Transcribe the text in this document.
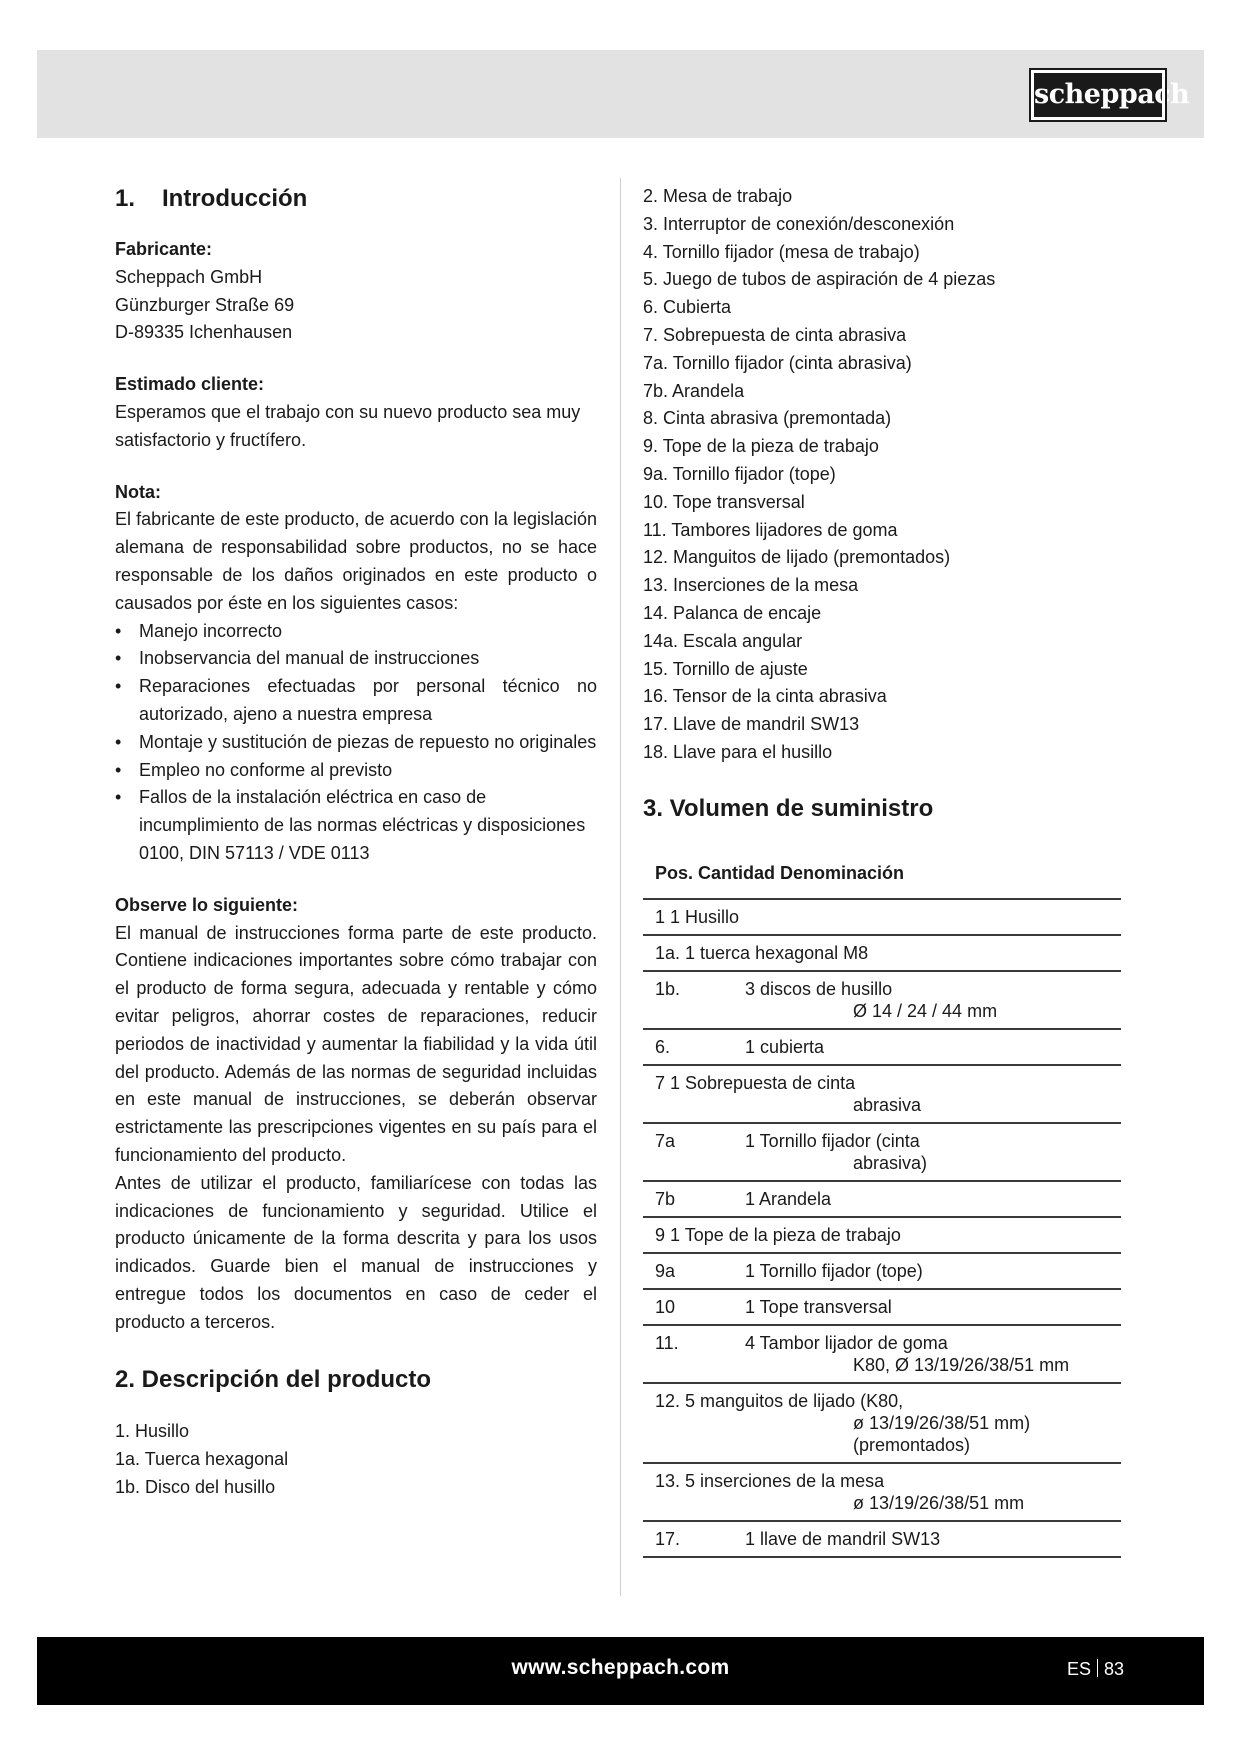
scheppach
1. Introducción

Fabricante:

Scheppach GmbH

Günzburger Straße 69

D-89335 Ichenhausen

Estimado cliente:

Esperamos que el trabajo con su nuevo producto sea muy satisfactorio y fructífero.

Nota:

El fabricante de este producto, de acuerdo con la legislación alemana de responsabilidad sobre productos, no se hace responsable de los daños originados en este producto o causados por éste en los siguientes casos:

• Manejo incorrecto
• Inobservancia del manual de instrucciones
• Reparaciones efectuadas por personal técnico no autorizado, ajeno a nuestra empresa
• Montaje y sustitución de piezas de repuesto no originales
• Empleo no conforme al previsto
• Fallos de la instalación eléctrica en caso de incumplimiento de las normas eléctricas y disposiciones 0100, DIN 57113 / VDE 0113

Observe lo siguiente:

El manual de instrucciones forma parte de este producto. Contiene indicaciones importantes sobre cómo trabajar con el producto de forma segura, adecuada y rentable y cómo evitar peligros, ahorrar costes de reparaciones, reducir periodos de inactividad y aumentar la fiabilidad y la vida útil del producto. Además de las normas de seguridad incluidas en este manual de instrucciones, se deberán observar estrictamente las prescripciones vigentes en su país para el funcionamiento del producto.

Antes de utilizar el producto, familiarícese con todas las indicaciones de funcionamiento y seguridad. Utilice el producto únicamente de la forma descrita y para los usos indicados. Guarde bien el manual de instrucciones y entregue todos los documentos en caso de ceder el producto a terceros.

2. Descripción del producto
1. Husillo
1a. Tuerca hexagonal
1b. Disco del husillo
2. Mesa de trabajo
3. Interruptor de conexión/desconexión
4. Tornillo fijador (mesa de trabajo)
5. Juego de tubos de aspiración de 4 piezas
6. Cubierta
7. Sobrepuesta de cinta abrasiva
7a. Tornillo fijador (cinta abrasiva)
7b. Arandela
8. Cinta abrasiva (premontada)
9. Tope de la pieza de trabajo
9a. Tornillo fijador (tope)
10. Tope transversal
11. Tambores lijadores de goma
12. Manguitos de lijado (premontados)
13. Inserciones de la mesa
14. Palanca de encaje
14a. Escala angular
15. Tornillo de ajuste
16. Tensor de la cinta abrasiva
17. Llave de mandril SW13
18. Llave para el husillo
3. Volumen de suministro
Pos. Cantidad Denominación
1 1 Husillo
1a. 1 tuerca hexagonal M8
1b.	3 discos de husillo
Ø 14 / 24 / 44 mm

6.	1 cubierta
7 1 Sobrepuesta de cinta
abrasiva

7a	1 Tornillo fijador (cinta
abrasiva)

7b	1 Arandela
9 1 Tope de la pieza de trabajo
9a	1 Tornillo fijador (tope)
10	1 Tope transversal
11.	4 Tambor lijador de goma
K80, Ø 13/19/26/38/51 mm

12. 5 manguitos de lijado (K80,
ø 13/19/26/38/51 mm)
(premontados)

13. 5 inserciones de la mesa
ø 13/19/26/38/51 mm

17.	1 llave de mandril SW13
www.scheppach.com	ES 83
